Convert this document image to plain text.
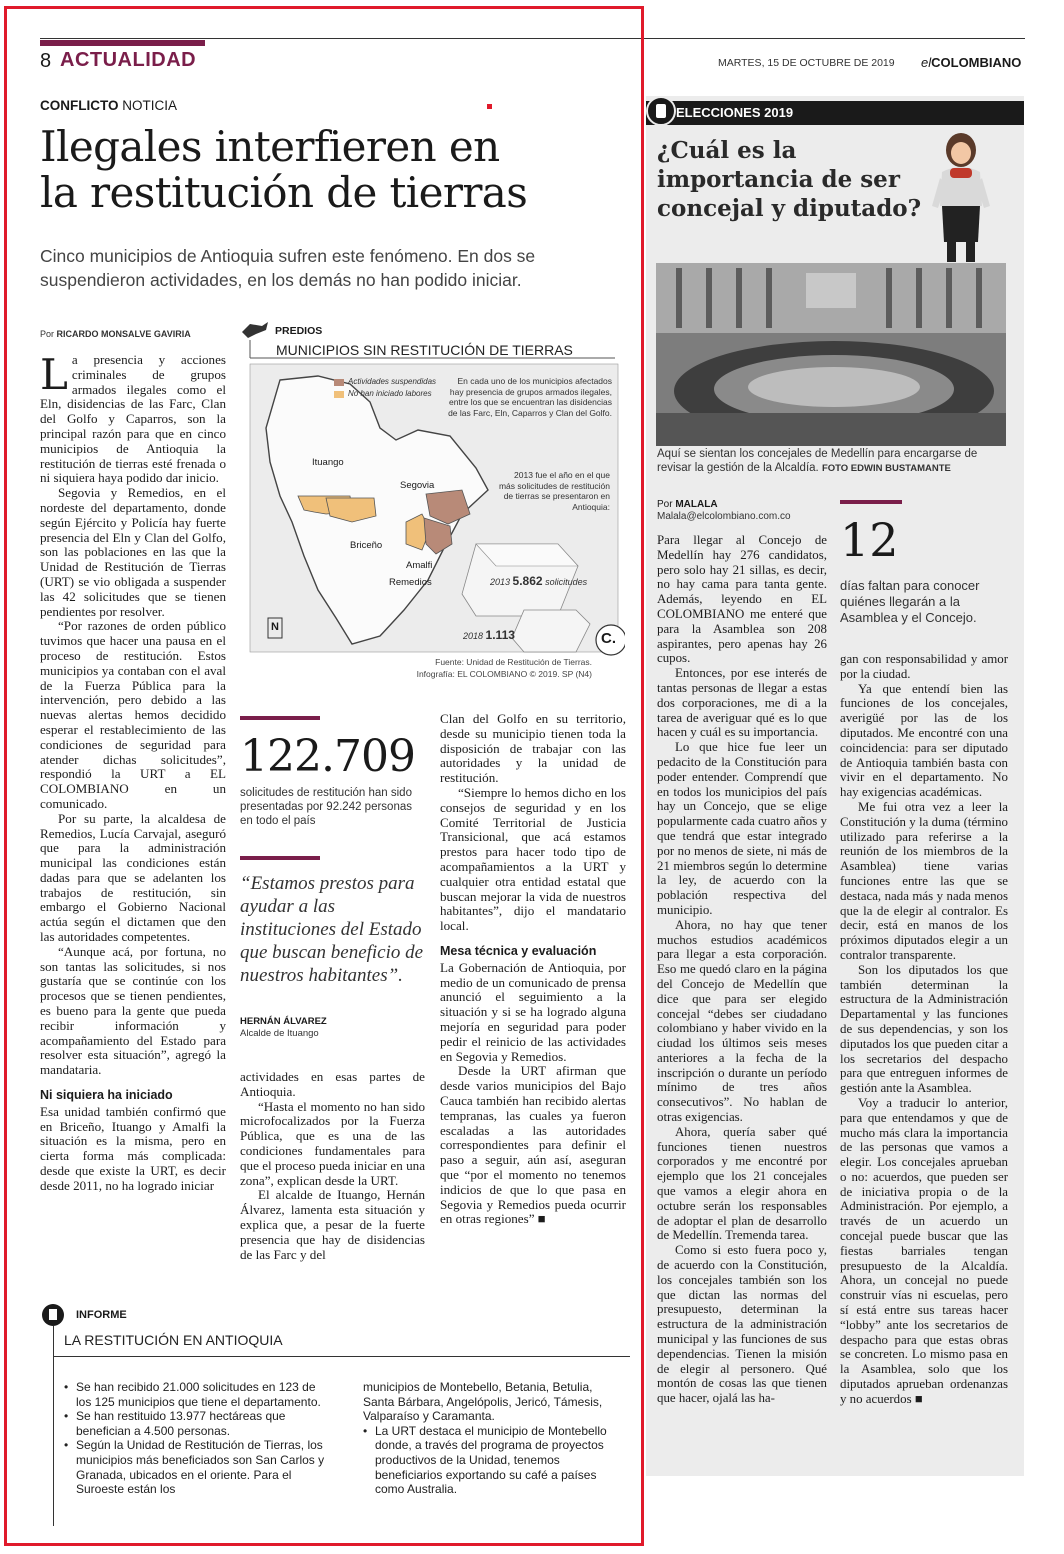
8 ACTUALIDAD	MARTES, 15 DE OCTUBRE DE 2019 elCOLOMBIANO
CONFLICTO NOTICIA
Ilegales interfieren en
la restitución de tierras
Cinco municipios de Antioquia sufren este fenómeno. En dos se suspendieron actividades, en los demás no han podido iniciar.
Por RICARDO MONSALVE GAVIRIA

La presencia y acciones criminales de grupos armados ilegales como el Eln, disidencias de las Farc, Clan del Golfo y Caparros, son la principal razón para que en cinco municipios de Antioquia la restitución de tierras esté frenada o ni siquiera haya podido dar inicio.

Segovia y Remedios, en el nordeste del departamento, donde según Ejército y Policía hay fuerte presencia del Eln y Clan del Golfo, son las poblaciones en las que la Unidad de Restitución de Tierras (URT) se vio obligada a suspender las 42 solicitudes que se tienen pendientes por resolver.

“Por razones de orden público tuvimos que hacer una pausa en el proceso de restitución. Estos municipios ya contaban con el aval de la Fuerza Pública para la intervención, pero debido a las nuevas alertas hemos decidido esperar el restablecimiento de las condiciones de seguridad para atender dichas solicitudes”, respondió la URT a EL COLOMBIANO en un comunicado.

Por su parte, la alcaldesa de Remedios, Lucía Carvajal, aseguró que para la administración municipal las condiciones están dadas para que se adelanten los trabajos de restitución, sin embargo el Gobierno Nacional actúa según el dictamen que den las autoridades competentes.

“Aunque acá, por fortuna, no son tantas las solicitudes, si nos gustaría que se continúe con los procesos que se tienen pendientes, es bueno para la gente que pueda recibir información y acompañamiento del Estado para resolver esta situación”, agregó la mandataria.

Ni siquiera ha iniciado

Esa unidad también confirmó que en Briceño, Ituango y Amalfi la situación es la misma, pero en cierta forma más complicada: desde que existe la URT, es decir desde 2011, no ha logrado iniciar

PREDIOS
MUNICIPIOS SIN RESTITUCIÓN DE TIERRAS
Actividades suspendidas
No han iniciado labores
En cada uno de los municipios afectados hay presencia de grupos armados ilegales, entre los que se encuentran las disidencias de las Farc, Eln, Caparros y Clan del Golfo.
Ituango
Briceño
Segovia
Amalfi
Remedios
2013 fue el año en el que más solicitudes de restitución de tierras se presentaron en Antioquia:
2013 5.862 solicitudes
2018 1.113
N
C.
Fuente: Unidad de Restitución de Tierras.
Infografía: EL COLOMBIANO © 2019. SP (N4)
122.709
solicitudes de restitución han sido presentadas por 92.242 personas en todo el país
“Estamos prestos para ayudar a las instituciones del Estado que buscan beneficio de nuestros habitantes”.
HERNÁN ÁLVAREZ
Alcalde de Ituango

actividades en esas partes de Antioquia.

“Hasta el momento no han sido microfocalizados por la Fuerza Pública, que es una de las condiciones fundamentales para que el proceso pueda iniciar en una zona”, explican desde la URT.

El alcalde de Ituango, Hernán Álvarez, lamenta esta situación y explica que, a pesar de la fuerte presencia que hay de disidencias de las Farc y del

Clan del Golfo en su territorio, desde su municipio tienen toda la disposición de trabajar con las autoridades y la unidad de restitución.

“Siempre lo hemos dicho en los consejos de seguridad y en los Comité Territorial de Justicia Transicional, que acá estamos prestos para hacer todo tipo de acompañamientos a la URT y cualquier otra entidad estatal que buscan mejorar la vida de nuestros habitantes”, dijo el mandatario local.

Mesa técnica y evaluación

La Gobernación de Antioquia, por medio de un comunicado de prensa anunció el seguimiento a la situación y si se ha logrado alguna mejoría en seguridad para poder pedir el reinicio de las actividades en Segovia y Remedios.

Desde la URT afirman que desde varios municipios del Bajo Cauca también han recibido alertas tempranas, las cuales ya fueron escaladas a las autoridades correspondientes para definir el paso a seguir, aún así, aseguran que “por el momento no tenemos indicios de que lo que pasa en Segovia y Remedios pueda ocurrir en otras regiones” ■

INFORME
LA RESTITUCIÓN EN ANTIOQUIA
• Se han recibido 21.000 solicitudes en 123 de los 125 municipios que tiene el departamento.
• Se han restituido 13.977 hectáreas que benefician a 4.500 personas.
• Según la Unidad de Restitución de Tierras, los municipios más beneficiados son San Carlos y Granada, ubicados en el oriente. Para el Suroeste están los
municipios de Montebello, Betania, Betulia, Santa Bárbara, Angelópolis, Jericó, Támesis, Valparaíso y Caramanta.
• La URT destaca el municipio de Montebello donde, a través del programa de proyectos productivos de la Unidad, tenemos beneficiarios exportando su café a países como Australia.
ELECCIONES 2019
¿Cuál es la importancia de ser concejal y diputado?
Aquí se sientan los concejales de Medellín para encargarse de revisar la gestión de la Alcaldía. FOTO EDWIN BUSTAMANTE
Por MALALA
Malala@elcolombiano.com.co 12
días faltan para conocer quiénes llegarán a la Asamblea y el Concejo.

Para llegar al Concejo de Medellín hay 276 candidatos, pero solo hay 21 sillas, es decir, no hay cama para tanta gente. Además, leyendo en EL COLOMBIANO me enteré que para la Asamblea son 208 aspirantes, pero apenas hay 26 cupos.

Entonces, por ese interés de tantas personas de llegar a estas dos corporaciones, me di a la tarea de averiguar qué es lo que hacen y cuál es su importancia.

Lo que hice fue leer un pedacito de la Constitución para poder entender. Comprendí que en todos los municipios del país hay un Concejo, que se elige popularmente cada cuatro años y que tendrá que estar integrado por no menos de siete, ni más de 21 miembros según lo determine la ley, de acuerdo con la población respectiva del municipio.

Ahora, no hay que tener muchos estudios académicos para llegar a esta corporación. Eso me quedó claro en la página del Concejo de Medellín que dice que para ser elegido concejal “debes ser ciudadano colombiano y haber vivido en la ciudad los últimos seis meses anteriores a la fecha de la inscripción o durante un período mínimo de tres años consecutivos”. No hablan de otras exigencias.

Ahora, quería saber qué funciones tienen nuestros corporados y me encontré por ejemplo que los 21 concejales que vamos a elegir ahora en octubre serán los responsables de adoptar el plan de desarrollo de Medellín. Tremenda tarea.

Como si esto fuera poco y, de acuerdo con la Constitución, los concejales también son los que dictan las normas del presupuesto, determinan la estructura de la administración municipal y las funciones de sus dependencias. Tienen la misión de elegir al personero. Qué montón de cosas las que tienen que hacer, ojalá las ha-

gan con responsabilidad y amor por la ciudad.

Ya que entendí bien las funciones de los concejales, averigüé por las de los diputados. Me encontré con una coincidencia: para ser diputado de Antioquia también basta con vivir en el departamento. No hay exigencias académicas.

Me fui otra vez a leer la Constitución y la duma (término utilizado para referirse a la reunión de los miembros de la Asamblea) tiene varias funciones entre las que se destaca, nada más y nada menos que la de elegir al contralor. Es decir, está en manos de los próximos diputados elegir a un contralor transparente.

Son los diputados los que también determinan la estructura de la Administración Departamental y las funciones de sus dependencias, y son los diputados los que pueden citar a los secretarios del despacho para que entreguen informes de gestión ante la Asamblea.

Voy a traducir lo anterior, para que entendamos y que de mucho más clara la importancia de las personas que vamos a elegir. Los concejales aprueban o no: acuerdos, que pueden ser de iniciativa propia o de la Administración. Por ejemplo, a través de un acuerdo un concejal puede buscar que las fiestas barriales tengan presupuesto de la Alcaldía. Ahora, un concejal no puede construir vías ni escuelas, pero sí está entre sus tareas hacer “lobby” ante los secretarios de despacho para que estas obras se concreten. Lo mismo pasa en la Asamblea, solo que los diputados aprueban ordenanzas y no acuerdos ■
